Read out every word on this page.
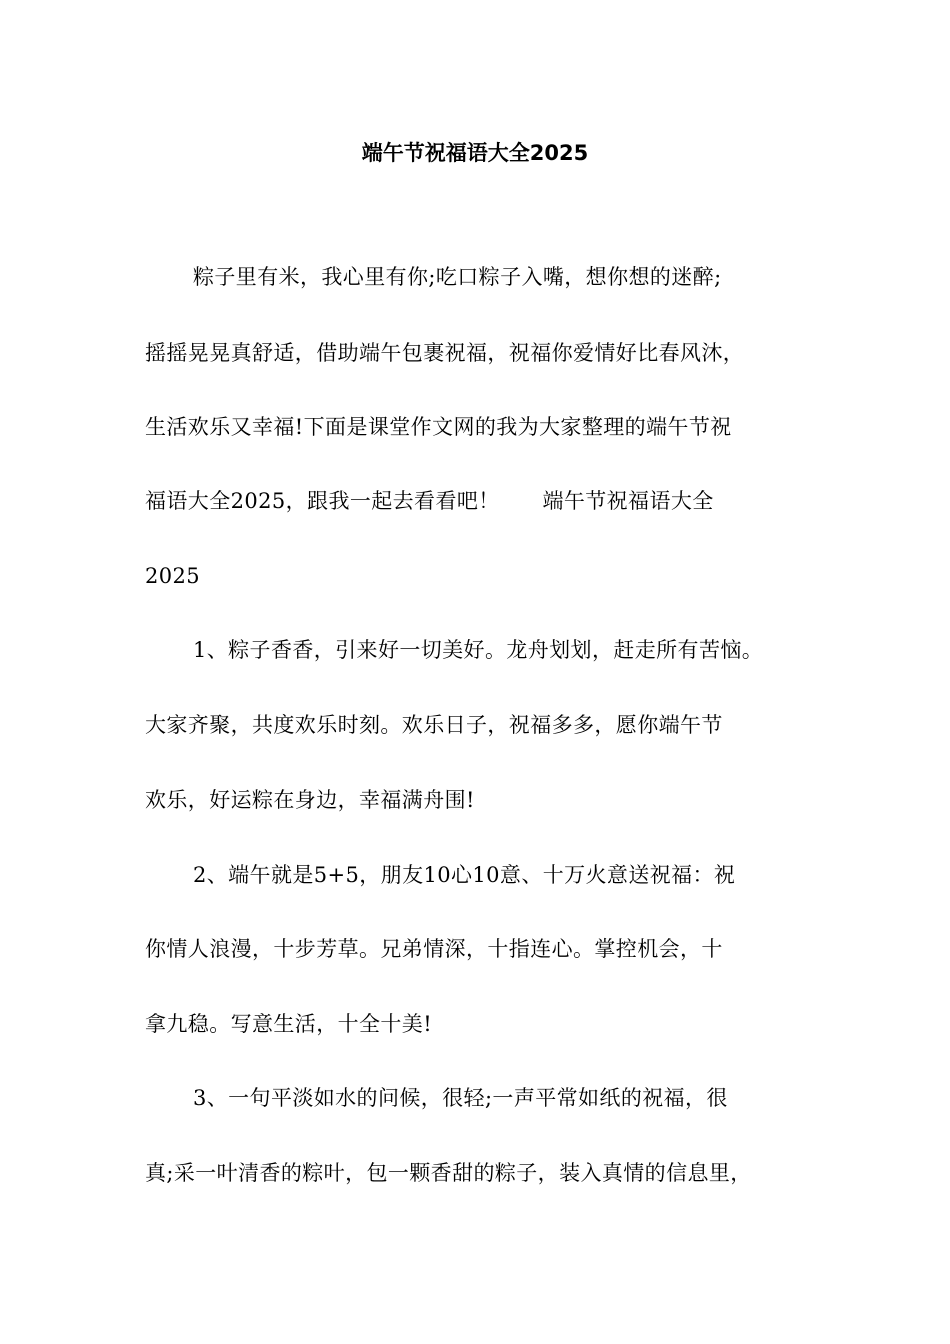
端午节祝福语大全2025
粽子里有米，我心里有你;吃口粽子入嘴，想你想的迷醉;
摇摇晃晃真舒适，借助端午包裹祝福，祝福你爱情好比春风沐，
生活欢乐又幸福!下面是课堂作文网的我为大家整理的端午节祝
福语大全2025，跟我一起去看看吧！　　端午节祝福语大全
2025
1、粽子香香，引来好一切美好。龙舟划划，赶走所有苦恼。
大家齐聚，共度欢乐时刻。欢乐日子，祝福多多，愿你端午节
欢乐，好运粽在身边，幸福满舟围!
2、端午就是5+5，朋友10心10意、十万火意送祝福：祝
你情人浪漫，十步芳草。兄弟情深，十指连心。掌控机会，十
拿九稳。写意生活，十全十美!
3、一句平淡如水的问候，很轻;一声平常如纸的祝福，很
真;采一叶清香的粽叶，包一颗香甜的粽子，装入真情的信息里，
